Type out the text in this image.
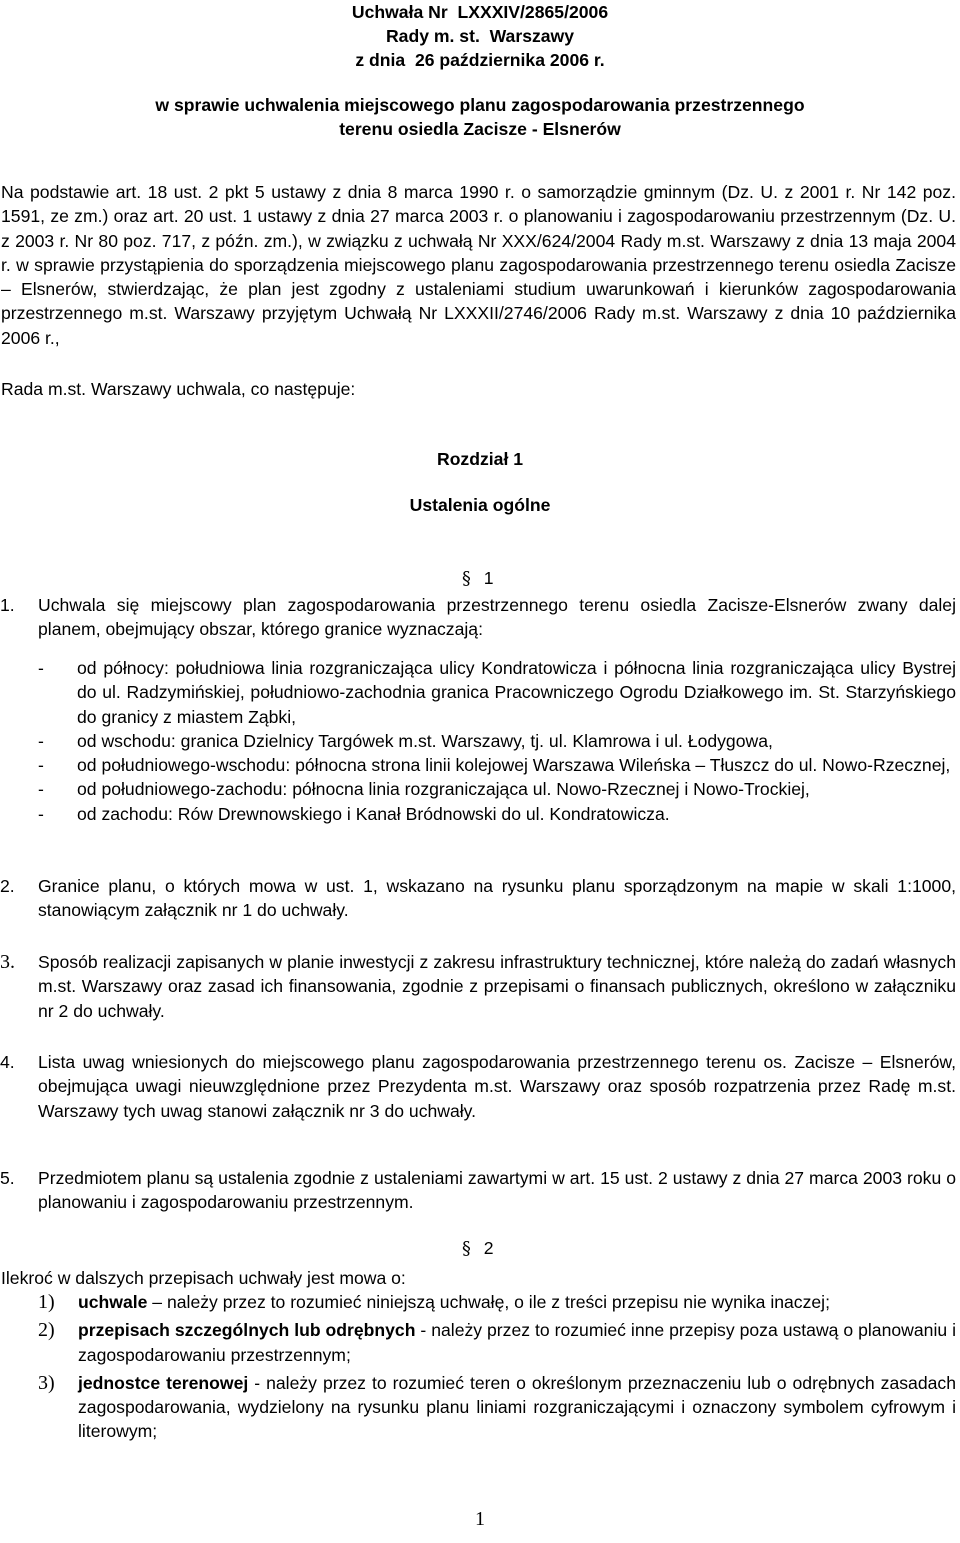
Uchwała Nr  LXXXIV/2865/2006
Rady m. st.  Warszawy
z dnia  26 października 2006 r.
w sprawie uchwalenia miejscowego planu zagospodarowania przestrzennego
terenu osiedla Zacisze - Elsnerów
Na podstawie art. 18 ust. 2 pkt 5 ustawy z dnia 8 marca 1990 r. o samorządzie gminnym (Dz. U. z 2001 r. Nr 142 poz. 1591, ze zm.) oraz art. 20 ust. 1 ustawy z dnia 27 marca 2003 r. o planowaniu i zagospodarowaniu przestrzennym (Dz. U. z 2003 r. Nr 80 poz. 717, z późn. zm.), w związku z uchwałą Nr XXX/624/2004 Rady m.st. Warszawy z dnia 13 maja 2004 r. w sprawie przystąpienia do sporządzenia miejscowego planu zagospodarowania przestrzennego terenu osiedla Zacisze – Elsnerów, stwierdzając, że plan jest zgodny z ustaleniami studium uwarunkowań i kierunków zagospodarowania przestrzennego m.st. Warszawy przyjętym Uchwałą Nr LXXXII/2746/2006 Rady m.st. Warszawy z dnia 10 października 2006 r.,
Rada m.st. Warszawy uchwala, co następuje:
Rozdział 1
Ustalenia ogólne
§ 1
1. Uchwala się miejscowy plan zagospodarowania przestrzennego terenu osiedla Zacisze-Elsnerów zwany dalej planem, obejmujący obszar, którego granice wyznaczają:
- od północy: południowa linia rozgraniczająca ulicy Kondratowicza i północna linia rozgraniczająca ulicy Bystrej do ul. Radzymińskiej, południowo-zachodnia granica Pracowniczego Ogrodu Działkowego im. St. Starzyńskiego do granicy z miastem Ząbki,
- od wschodu: granica Dzielnicy Targówek m.st. Warszawy, tj. ul. Klamrowa i ul. Łodygowa,
- od południowego-wschodu: północna strona linii kolejowej Warszawa Wileńska – Tłuszcz do ul. Nowo-Rzecznej,
- od południowego-zachodu: północna linia rozgraniczająca ul. Nowo-Rzecznej i Nowo-Trockiej,
- od zachodu: Rów Drewnowskiego i Kanał Bródnowski do ul. Kondratowicza.
2. Granice planu, o których mowa w ust. 1, wskazano na rysunku planu sporządzonym na mapie w skali 1:1000, stanowiącym załącznik nr 1 do uchwały.
3. Sposób realizacji zapisanych w planie inwestycji z zakresu infrastruktury technicznej, które należą do zadań własnych m.st. Warszawy oraz zasad ich finansowania, zgodnie z przepisami o finansach publicznych, określono w załączniku nr 2 do uchwały.
4. Lista uwag wniesionych do miejscowego planu zagospodarowania przestrzennego terenu os. Zacisze – Elsnerów, obejmująca uwagi nieuwzględnione przez Prezydenta m.st. Warszawy oraz sposób rozpatrzenia przez Radę m.st. Warszawy tych uwag stanowi załącznik nr 3 do uchwały.
5. Przedmiotem planu są ustalenia zgodnie z ustaleniami zawartymi w art. 15 ust. 2 ustawy z dnia 27 marca 2003 roku o planowaniu i zagospodarowaniu przestrzennym.
§ 2
Ilekroć w dalszych przepisach uchwały jest mowa o:
1) uchwale – należy przez to rozumieć niniejszą uchwałę, o ile z treści przepisu nie wynika inaczej;
2) przepisach szczególnych lub odrębnych - należy przez to rozumieć inne przepisy poza ustawą o planowaniu i zagospodarowaniu przestrzennym;
3) jednostce terenowej - należy przez to rozumieć teren o określonym przeznaczeniu lub o odrębnych zasadach zagospodarowania, wydzielony na rysunku planu liniami rozgraniczającymi i oznaczony symbolem cyfrowym i literowym;
1
